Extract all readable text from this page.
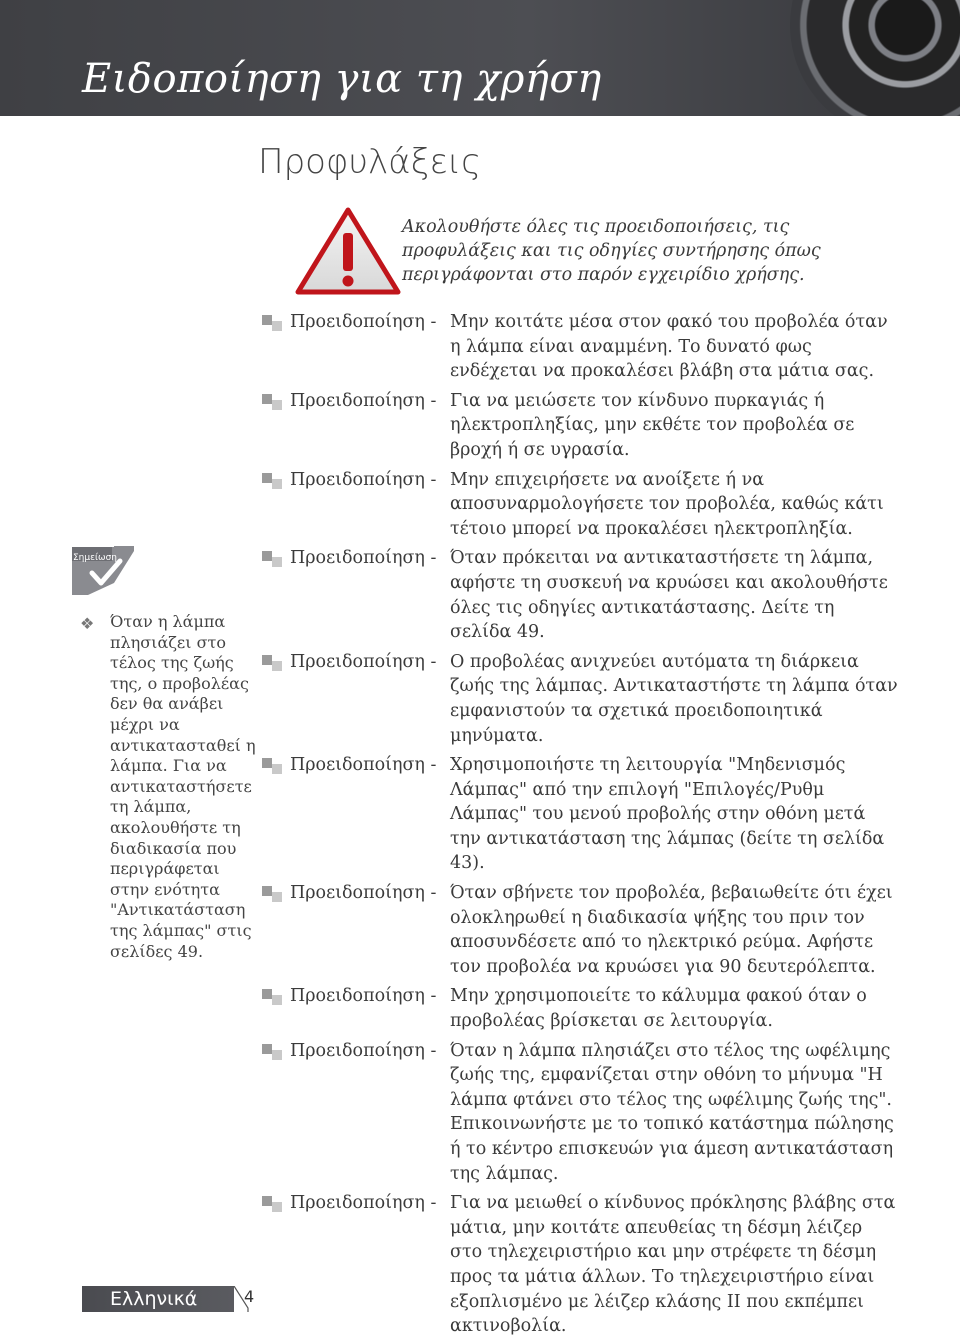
Ειδοποίηση για τη χρήση
Προφυλάξεις
Ακολουθήστε όλες τις προειδοποιήσεις, τις προφυλάξεις και τις οδηγίες συντήρησης όπως περιγράφονται στο παρόν εγχειρίδιο χρήσης.
Προειδοποίηση - Μην κοιτάτε μέσα στον φακό του προβολέα όταν η λάμπα είναι αναμμένη. Το δυνατό φως ενδέχεται να προκαλέσει βλάβη στα μάτια σας.
Προειδοποίηση - Για να μειώσετε τον κίνδυνο πυρκαγιάς ή ηλεκτροπληξίας, μην εκθέτε τον προβολέα σε βροχή ή σε υγρασία.
Προειδοποίηση - Μην επιχειρήσετε να ανοίξετε ή να αποσυναρμολογήσετε τον προβολέα, καθώς κάτι τέτοιο μπορεί να προκαλέσει ηλεκτροπληξία.
Προειδοποίηση - Όταν πρόκειται να αντικαταστήσετε τη λάμπα, αφήστε τη συσκευή να κρυώσει και ακολουθήστε όλες τις οδηγίες αντικατάστασης. Δείτε τη σελίδα 49.
Προειδοποίηση - Ο προβολέας ανιχνεύει αυτόματα τη διάρκεια ζωής της λάμπας. Αντικαταστήστε τη λάμπα όταν εμφανιστούν τα σχετικά προειδοποιητικά μηνύματα.
Προειδοποίηση - Χρησιμοποιήστε τη λειτουργία "Μηδενισμός Λάμπας" από την επιλογή "Επιλογές/Ρυθμ Λάμπας" του μενού προβολής στην οθόνη μετά την αντικατάσταση της λάμπας (δείτε τη σελίδα 43).
Προειδοποίηση - Όταν σβήνετε τον προβολέα, βεβαιωθείτε ότι έχει ολοκληρωθεί η διαδικασία ψήξης του πριν τον αποσυνδέσετε από το ηλεκτρικό ρεύμα. Αφήστε τον προβολέα να κρυώσει για 90 δευτερόλεπτα.
Προειδοποίηση - Μην χρησιμοποιείτε το κάλυμμα φακού όταν ο προβολέας βρίσκεται σε λειτουργία.
Προειδοποίηση - Όταν η λάμπα πλησιάζει στο τέλος της ωφέλιμης ζωής της, εμφανίζεται στην οθόνη το μήνυμα "Η λάμπα φτάνει στο τέλος της ωφέλιμης ζωής της". Επικοινωνήστε με το τοπικό κατάστημα πώλησης ή το κέντρο επισκευών για άμεση αντικατάσταση της λάμπας.
Προειδοποίηση - Για να μειωθεί ο κίνδυνος πρόκλησης βλάβης στα μάτια, μην κοιτάτε απευθείας τη δέσμη λέιζερ στο τηλεχειριστήριο και μην στρέφετε τη δέσμη προς τα μάτια άλλων. Το τηλεχειριστήριο είναι εξοπλισμένο με λέιζερ κλάσης II που εκπέμπει ακτινοβολία.
Σημείωση
❖ Όταν η λάμπα πλησιάζει στο τέλος της ζωής της, ο προβολέας δεν θα ανάβει μέχρι να αντικατασταθεί η λάμπα. Για να αντικαταστήσετε τη λάμπα, ακολουθήστε τη διαδικασία που περιγράφεται στην ενότητα "Αντικατάσταση της λάμπας" στις σελίδες 49.
Ελληνικά	4
